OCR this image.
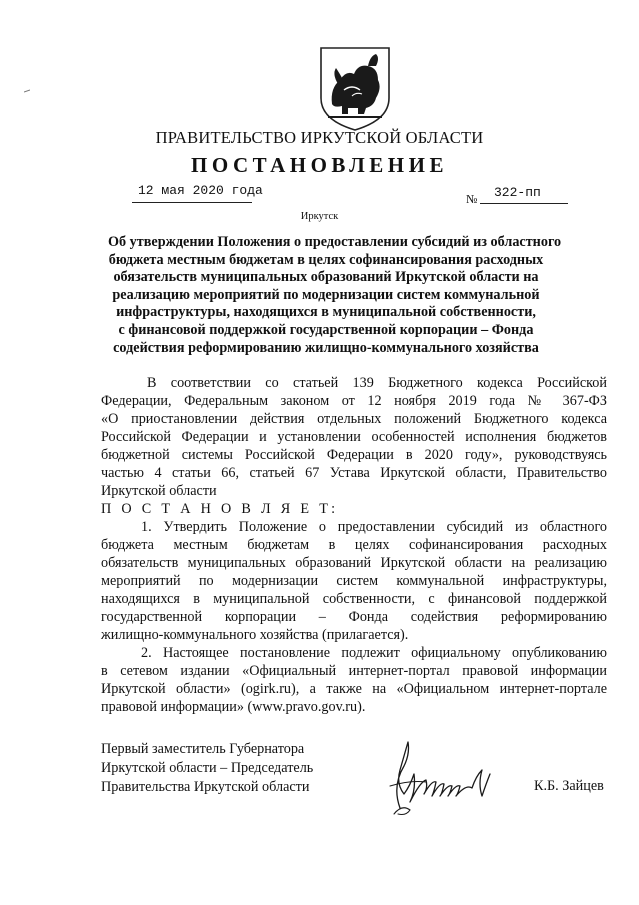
ПРАВИТЕЛЬСТВО ИРКУТСКОЙ ОБЛАСТИ
ПОСТАНОВЛЕНИЕ
12 мая 2020 года
№ 322-пп
Иркутск
Об утверждении Положения о предоставлении субсидий из областного
бюджета местным бюджетам в целях софинансирования расходных
обязательств муниципальных образований Иркутской области на
реализацию мероприятий по модернизации систем коммунальной
инфраструктуры, находящихся в муниципальной собственности,
с финансовой поддержкой государственной корпорации – Фонда
содействия реформированию жилищно-коммунального хозяйства
В соответствии со статьей 139 Бюджетного кодекса Российской
Федерации, Федеральным законом от 12 ноября 2019 года № 367-ФЗ
«О приостановлении действия отдельных положений Бюджетного кодекса
Российской Федерации и установлении особенностей исполнения бюджетов
бюджетной системы Российской Федерации в 2020 году», руководствуясь
частью 4 статьи 66, статьей 67 Устава Иркутской области, Правительство
Иркутской области
П О С Т А Н О В Л Я Е Т:
1. Утвердить Положение о предоставлении субсидий из областного
бюджета местным бюджетам в целях софинансирования расходных
обязательств муниципальных образований Иркутской области на реализацию
мероприятий по модернизации систем коммунальной инфраструктуры,
находящихся в муниципальной собственности, с финансовой поддержкой
государственной корпорации – Фонда содействия реформированию
жилищно-коммунального хозяйства (прилагается).
2. Настоящее постановление подлежит официальному опубликованию
в сетевом издании «Официальный интернет-портал правовой информации
Иркутской области» (ogirk.ru), а также на «Официальном интернет-портале
правовой информации» (www.pravo.gov.ru).
Первый заместитель Губернатора
Иркутской области – Председатель
Правительства Иркутской области	К.Б. Зайцев
